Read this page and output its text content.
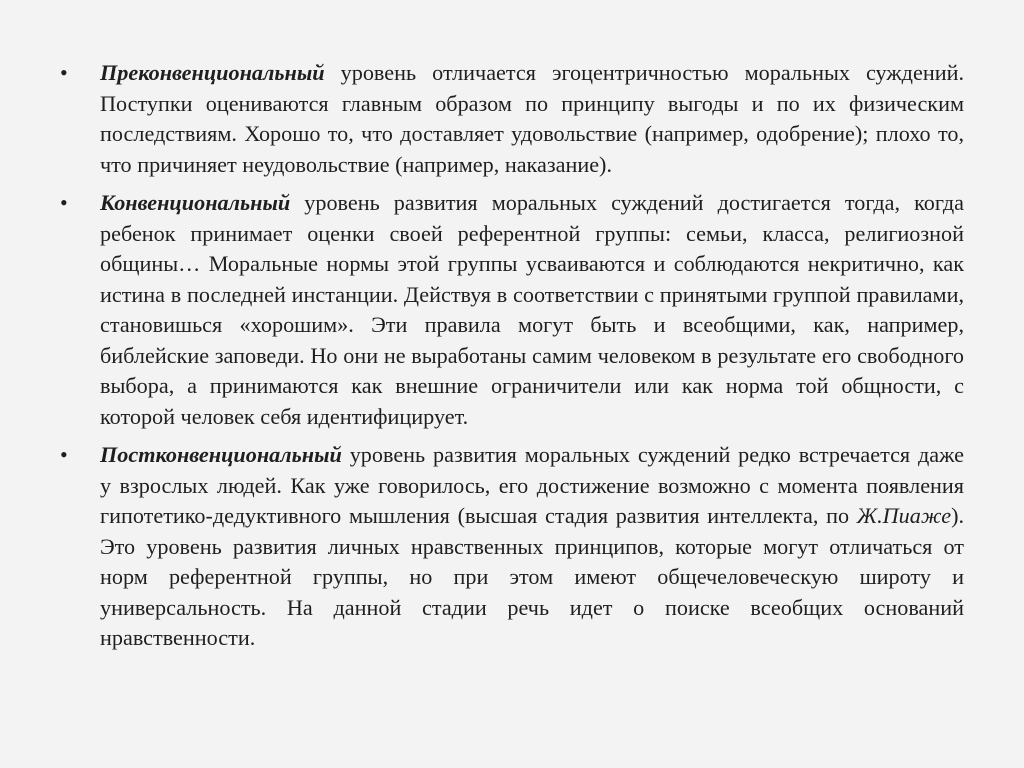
• Преконвенциональный уровень отличается эгоцентричностью моральных суждений. Поступки оцениваются главным образом по принципу выгоды и по их физическим последствиям. Хорошо то, что доставляет удовольствие (например, одобрение); плохо то, что причиняет неудовольствие (например, наказание).

• Конвенциональный уровень развития моральных суждений достигается тогда, когда ребенок принимает оценки своей референтной группы: семьи, класса, религиозной общины… Моральные нормы этой группы усваиваются и соблюдаются некритично, как истина в последней инстанции. Действуя в соответствии с принятыми группой правилами, становишься «хорошим». Эти правила могут быть и всеобщими, как, например, библейские заповеди. Но они не выработаны самим человеком в результате его свободного выбора, а принимаются как внешние ограничители или как норма той общности, с которой человек себя идентифицирует.

• Постконвенциональный уровень развития моральных суждений редко встречается даже у взрослых людей. Как уже говорилось, его достижение возможно с момента появления гипотетико-дедуктивного мышления (высшая стадия развития интеллекта, по Ж.Пиаже). Это уровень развития личных нравственных принципов, которые могут отличаться от норм референтной группы, но при этом имеют общечеловеческую широту и универсальность. На данной стадии речь идет о поиске всеобщих оснований нравственности.
